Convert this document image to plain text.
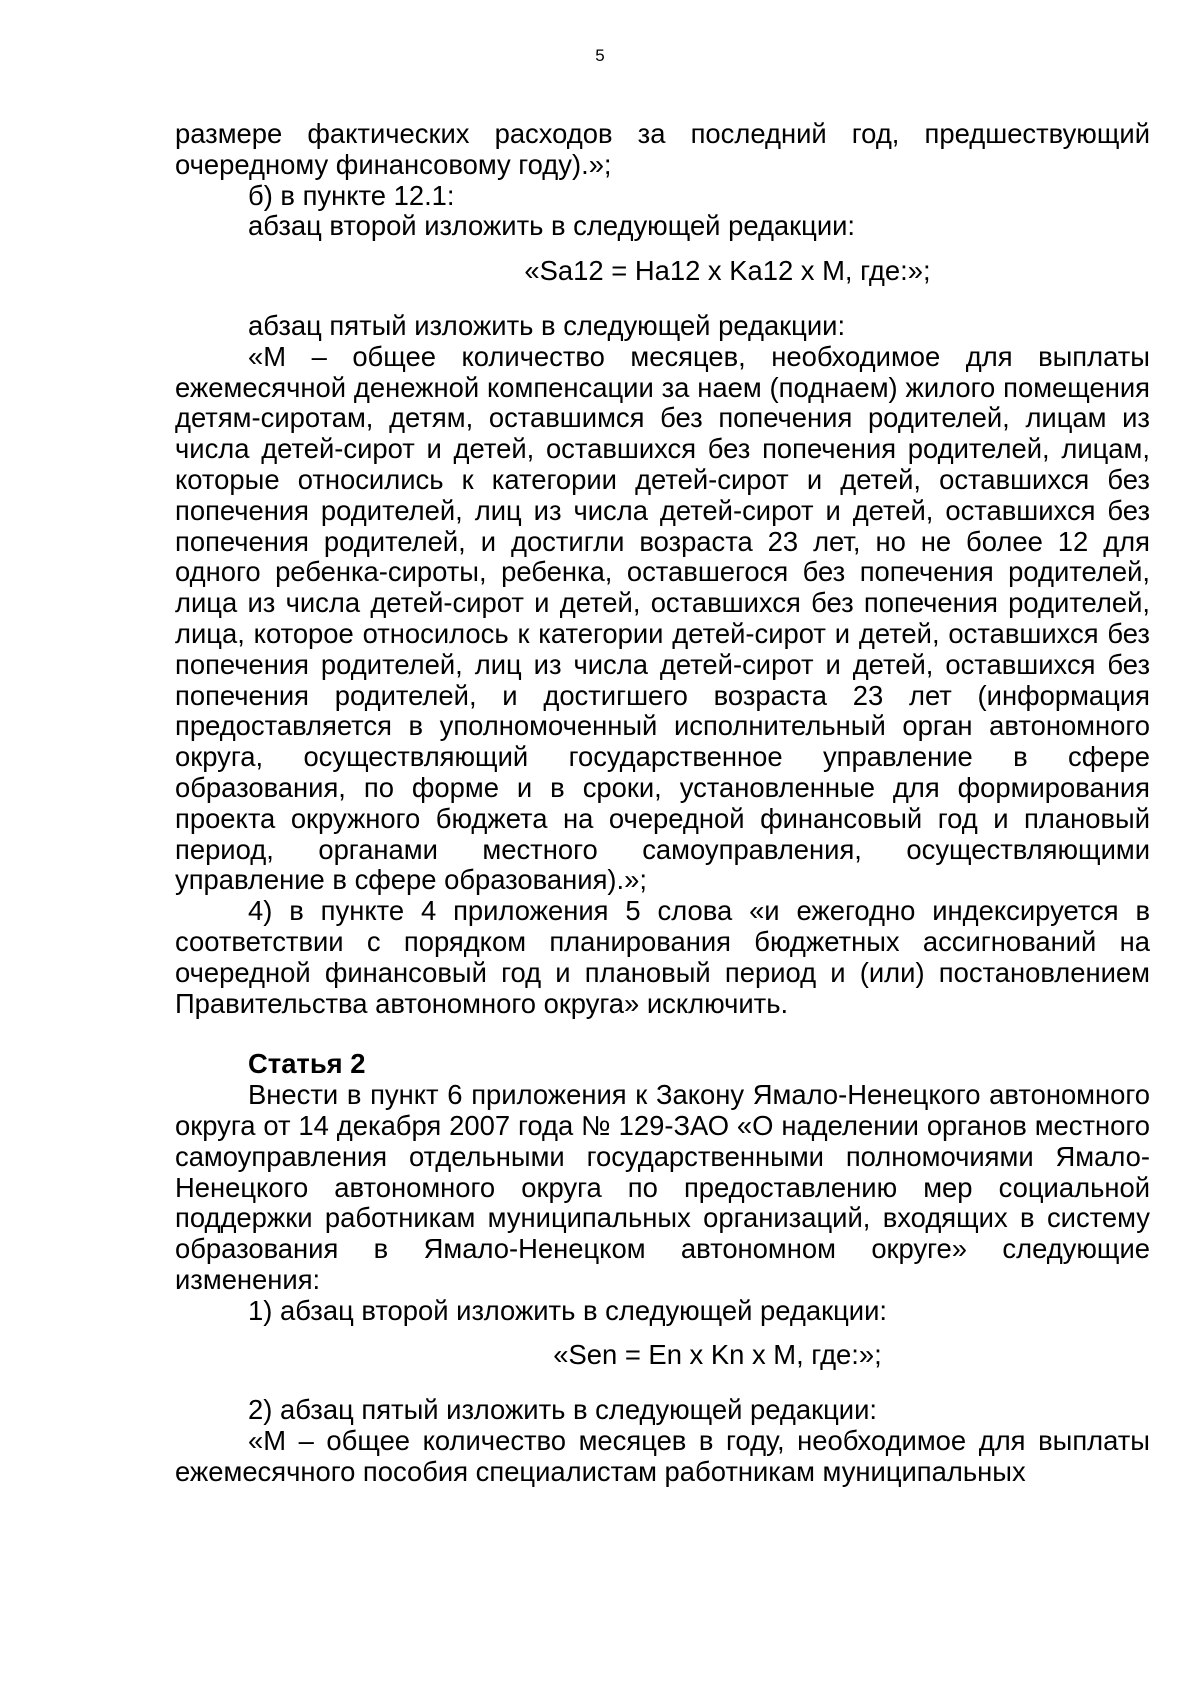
5

размере фактических расходов за последний год, предшествующий очередному финансовому году).»;

б) в пункте 12.1:

абзац второй изложить в следующей редакции:

«Sa12 = Ha12 x Ka12 x M, где:»;

абзац пятый изложить в следующей редакции:

«М – общее количество месяцев, необходимое для выплаты ежемесячной денежной компенсации за наем (поднаем) жилого помещения детям-сиротам, детям, оставшимся без попечения родителей, лицам из числа детей-сирот и детей, оставшихся без попечения родителей, лицам, которые относились к категории детей-сирот и детей, оставшихся без попечения родителей, лиц из числа детей-сирот и детей, оставшихся без попечения родителей, и достигли возраста 23 лет, но не более 12 для одного ребенка-сироты, ребенка, оставшегося без попечения родителей, лица из числа детей-сирот и детей, оставшихся без попечения родителей, лица, которое относилось к категории детей-сирот и детей, оставшихся без попечения родителей, лиц из числа детей-сирот и детей, оставшихся без попечения родителей, и достигшего возраста 23 лет (информация предоставляется в уполномоченный исполнительный орган автономного округа, осуществляющий государственное управление в сфере образования, по форме и в сроки, установленные для формирования проекта окружного бюджета на очередной финансовый год и плановый период, органами местного самоуправления, осуществляющими управление в сфере образования).»;

4) в пункте 4 приложения 5 слова «и ежегодно индексируется в соответствии с порядком планирования бюджетных ассигнований на очередной финансовый год и плановый период и (или) постановлением Правительства автономного округа» исключить.

Статья 2

Внести в пункт 6 приложения к Закону Ямало-Ненецкого автономного округа от 14 декабря 2007 года № 129-ЗАО «О наделении органов местного самоуправления отдельными государственными полномочиями Ямало-Ненецкого автономного округа по предоставлению мер социальной поддержки работникам муниципальных организаций, входящих в систему образования в Ямало-Ненецком автономном округе» следующие изменения:

1) абзац второй изложить в следующей редакции:

«Sen = En x Kn x M, где:»;

2) абзац пятый изложить в следующей редакции:

«М – общее количество месяцев в году, необходимое для выплаты ежемесячного пособия специалистам работникам муниципальных
